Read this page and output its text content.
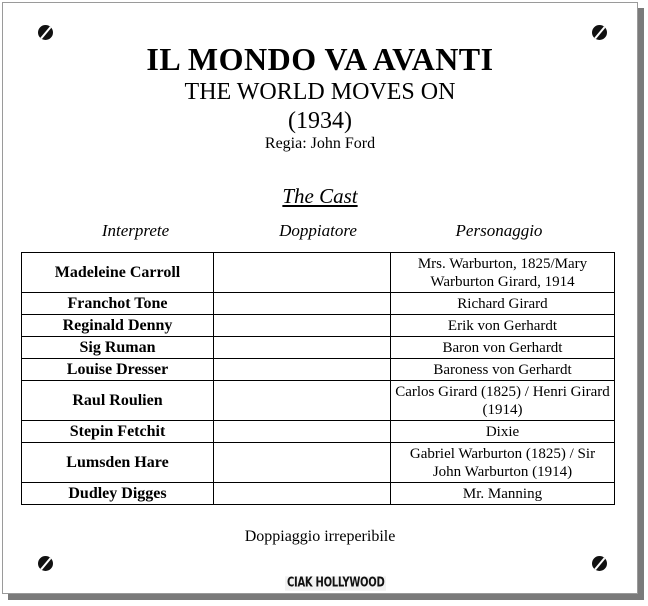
IL MONDO VA AVANTI
THE WORLD MOVES ON
(1934)
Regia: John Ford
The Cast
Interprete	Doppiatore	Personaggio
Madeleine Carroll		Mrs. Warburton, 1825/Mary Warburton Girard, 1914
Franchot Tone		Richard Girard
Reginald Denny		Erik von Gerhardt
Sig Ruman		Baron von Gerhardt
Louise Dresser		Baroness von Gerhardt
Raul Roulien		Carlos Girard (1825) / Henri Girard (1914)
Stepin Fetchit		Dixie
Lumsden Hare		Gabriel Warburton (1825) / Sir John Warburton (1914)
Dudley Digges		Mr. Manning
Doppiaggio irreperibile
CIAK HOLLYWOOD
